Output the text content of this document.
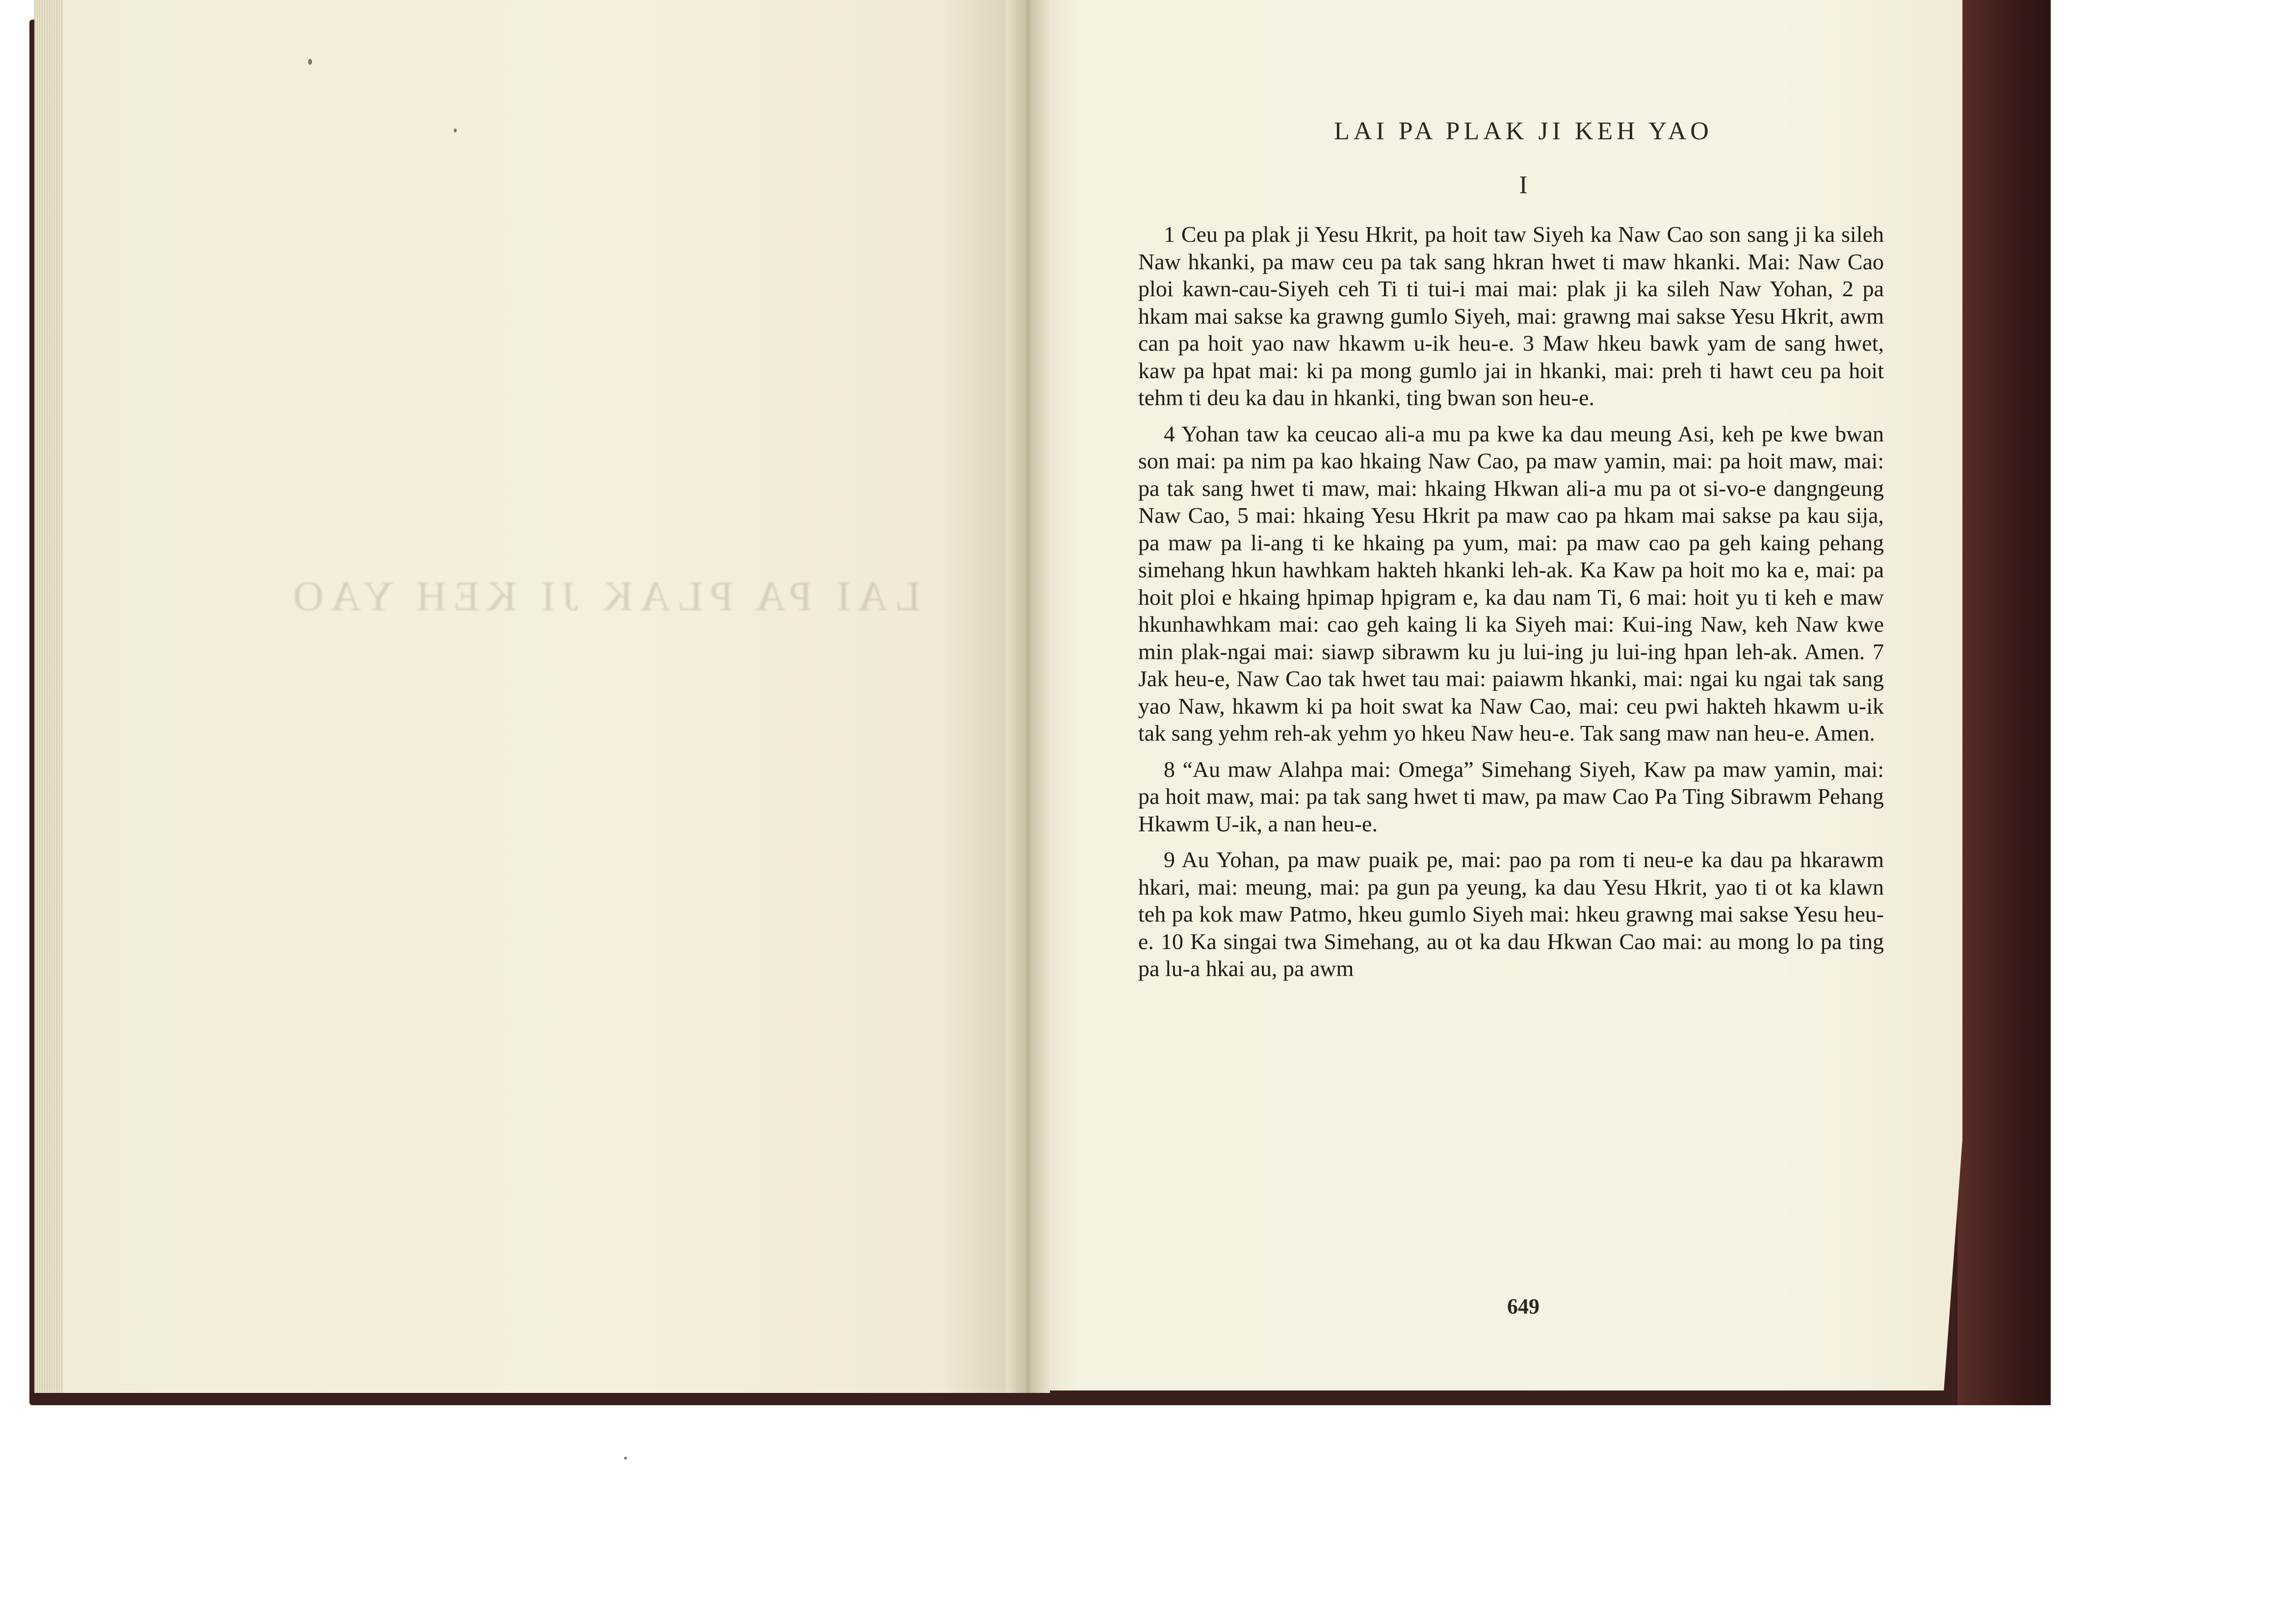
LAI PA PLAK JI KEH YAO
LAI PA PLAK JI KEH YAO
I

1 Ceu pa plak ji Yesu Hkrit, pa hoit taw Siyeh ka Naw Cao son sang ji ka sileh Naw hkanki, pa maw ceu pa tak sang hkran hwet ti maw hkanki. Mai: Naw Cao ploi kawn-cau-Siyeh ceh Ti ti tui-i mai mai: plak ji ka sileh Naw Yohan, 2 pa hkam mai sakse ka grawng gumlo Siyeh, mai: grawng mai sakse Yesu Hkrit, awm can pa hoit yao naw hkawm u-ik heu-e. 3 Maw hkeu bawk yam de sang hwet, kaw pa hpat mai: ki pa mong gumlo jai in hkanki, mai: preh ti hawt ceu pa hoit tehm ti deu ka dau in hkanki, ting bwan son heu-e.

4 Yohan taw ka ceucao ali-a mu pa kwe ka dau meung Asi, keh pe kwe bwan son mai: pa nim pa kao hkaing Naw Cao, pa maw yamin, mai: pa hoit maw, mai: pa tak sang hwet ti maw, mai: hkaing Hkwan ali-a mu pa ot si-vo-e dangngeung Naw Cao, 5 mai: hkaing Yesu Hkrit pa maw cao pa hkam mai sakse pa kau sija, pa maw pa li-ang ti ke hkaing pa yum, mai: pa maw cao pa geh kaing pehang simehang hkun hawhkam hakteh hkanki leh-ak. Ka Kaw pa hoit mo ka e, mai: pa hoit ploi e hkaing hpimap hpigram e, ka dau nam Ti, 6 mai: hoit yu ti keh e maw hkunhawhkam mai: cao geh kaing li ka Siyeh mai: Kui-ing Naw, keh Naw kwe min plak-ngai mai: siawp sibrawm ku ju lui-ing ju lui-ing hpan leh-ak. Amen. 7 Jak heu-e, Naw Cao tak hwet tau mai: paiawm hkanki, mai: ngai ku ngai tak sang yao Naw, hkawm ki pa hoit swat ka Naw Cao, mai: ceu pwi hakteh hkawm u-ik tak sang yehm reh-ak yehm yo hkeu Naw heu-e. Tak sang maw nan heu-e. Amen.

8 “Au maw Alahpa mai: Omega” Simehang Siyeh, Kaw pa maw yamin, mai: pa hoit maw, mai: pa tak sang hwet ti maw, pa maw Cao Pa Ting Sibrawm Pehang Hkawm U-ik, a nan heu-e.

9 Au Yohan, pa maw puaik pe, mai: pao pa rom ti neu-e ka dau pa hkarawm hkari, mai: meung, mai: pa gun pa yeung, ka dau Yesu Hkrit, yao ti ot ka klawn teh pa kok maw Patmo, hkeu gumlo Siyeh mai: hkeu grawng mai sakse Yesu heu-e. 10 Ka singai twa Simehang, au ot ka dau Hkwan Cao mai: au mong lo pa ting pa lu-a hkai au, pa awm

649
